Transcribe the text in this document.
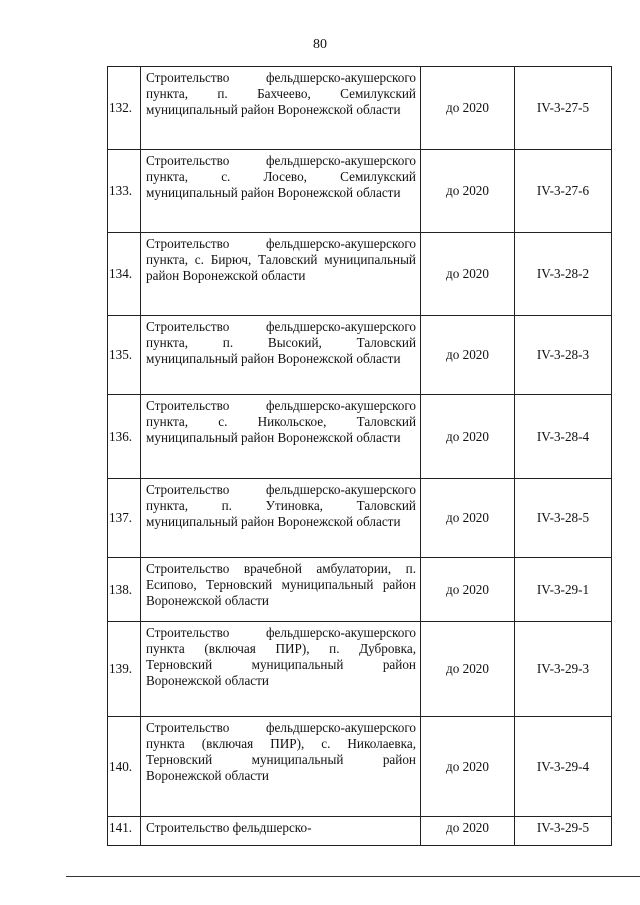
80
132.	Строительство фельдшерско-акушерского пункта, п. Бахчеево, Семилукский муниципальный район Воронежской области	до 2020	IV-3-27-5
133.	Строительство фельдшерско-акушерского пункта, с. Лосево, Семилукский муниципальный район Воронежской области	до 2020	IV-3-27-6
134.	Строительство фельдшерско-акушерского пункта, с. Бирюч, Таловский муниципальный район Воронежской области	до 2020	IV-3-28-2
135.	Строительство фельдшерско-акушерского пункта, п. Высокий, Таловский муниципальный район Воронежской области	до 2020	IV-3-28-3
136.	Строительство фельдшерско-акушерского пункта, с. Никольское, Таловский муниципальный район Воронежской области	до 2020	IV-3-28-4
137.	Строительство фельдшерско-акушерского пункта, п. Утиновка, Таловский муниципальный район Воронежской области	до 2020	IV-3-28-5
138.	Строительство врачебной амбулатории, п. Есипово, Терновский муниципальный район Воронежской области	до 2020	IV-3-29-1
139.	Строительство фельдшерско-акушерского пункта (включая ПИР), п. Дубровка, Терновский муниципальный район Воронежской области	до 2020	IV-3-29-3
140.	Строительство фельдшерско-акушерского пункта (включая ПИР), с. Николаевка, Терновский муниципальный район Воронежской области	до 2020	IV-3-29-4
141.	Строительство фельдшерско-	до 2020	IV-3-29-5
